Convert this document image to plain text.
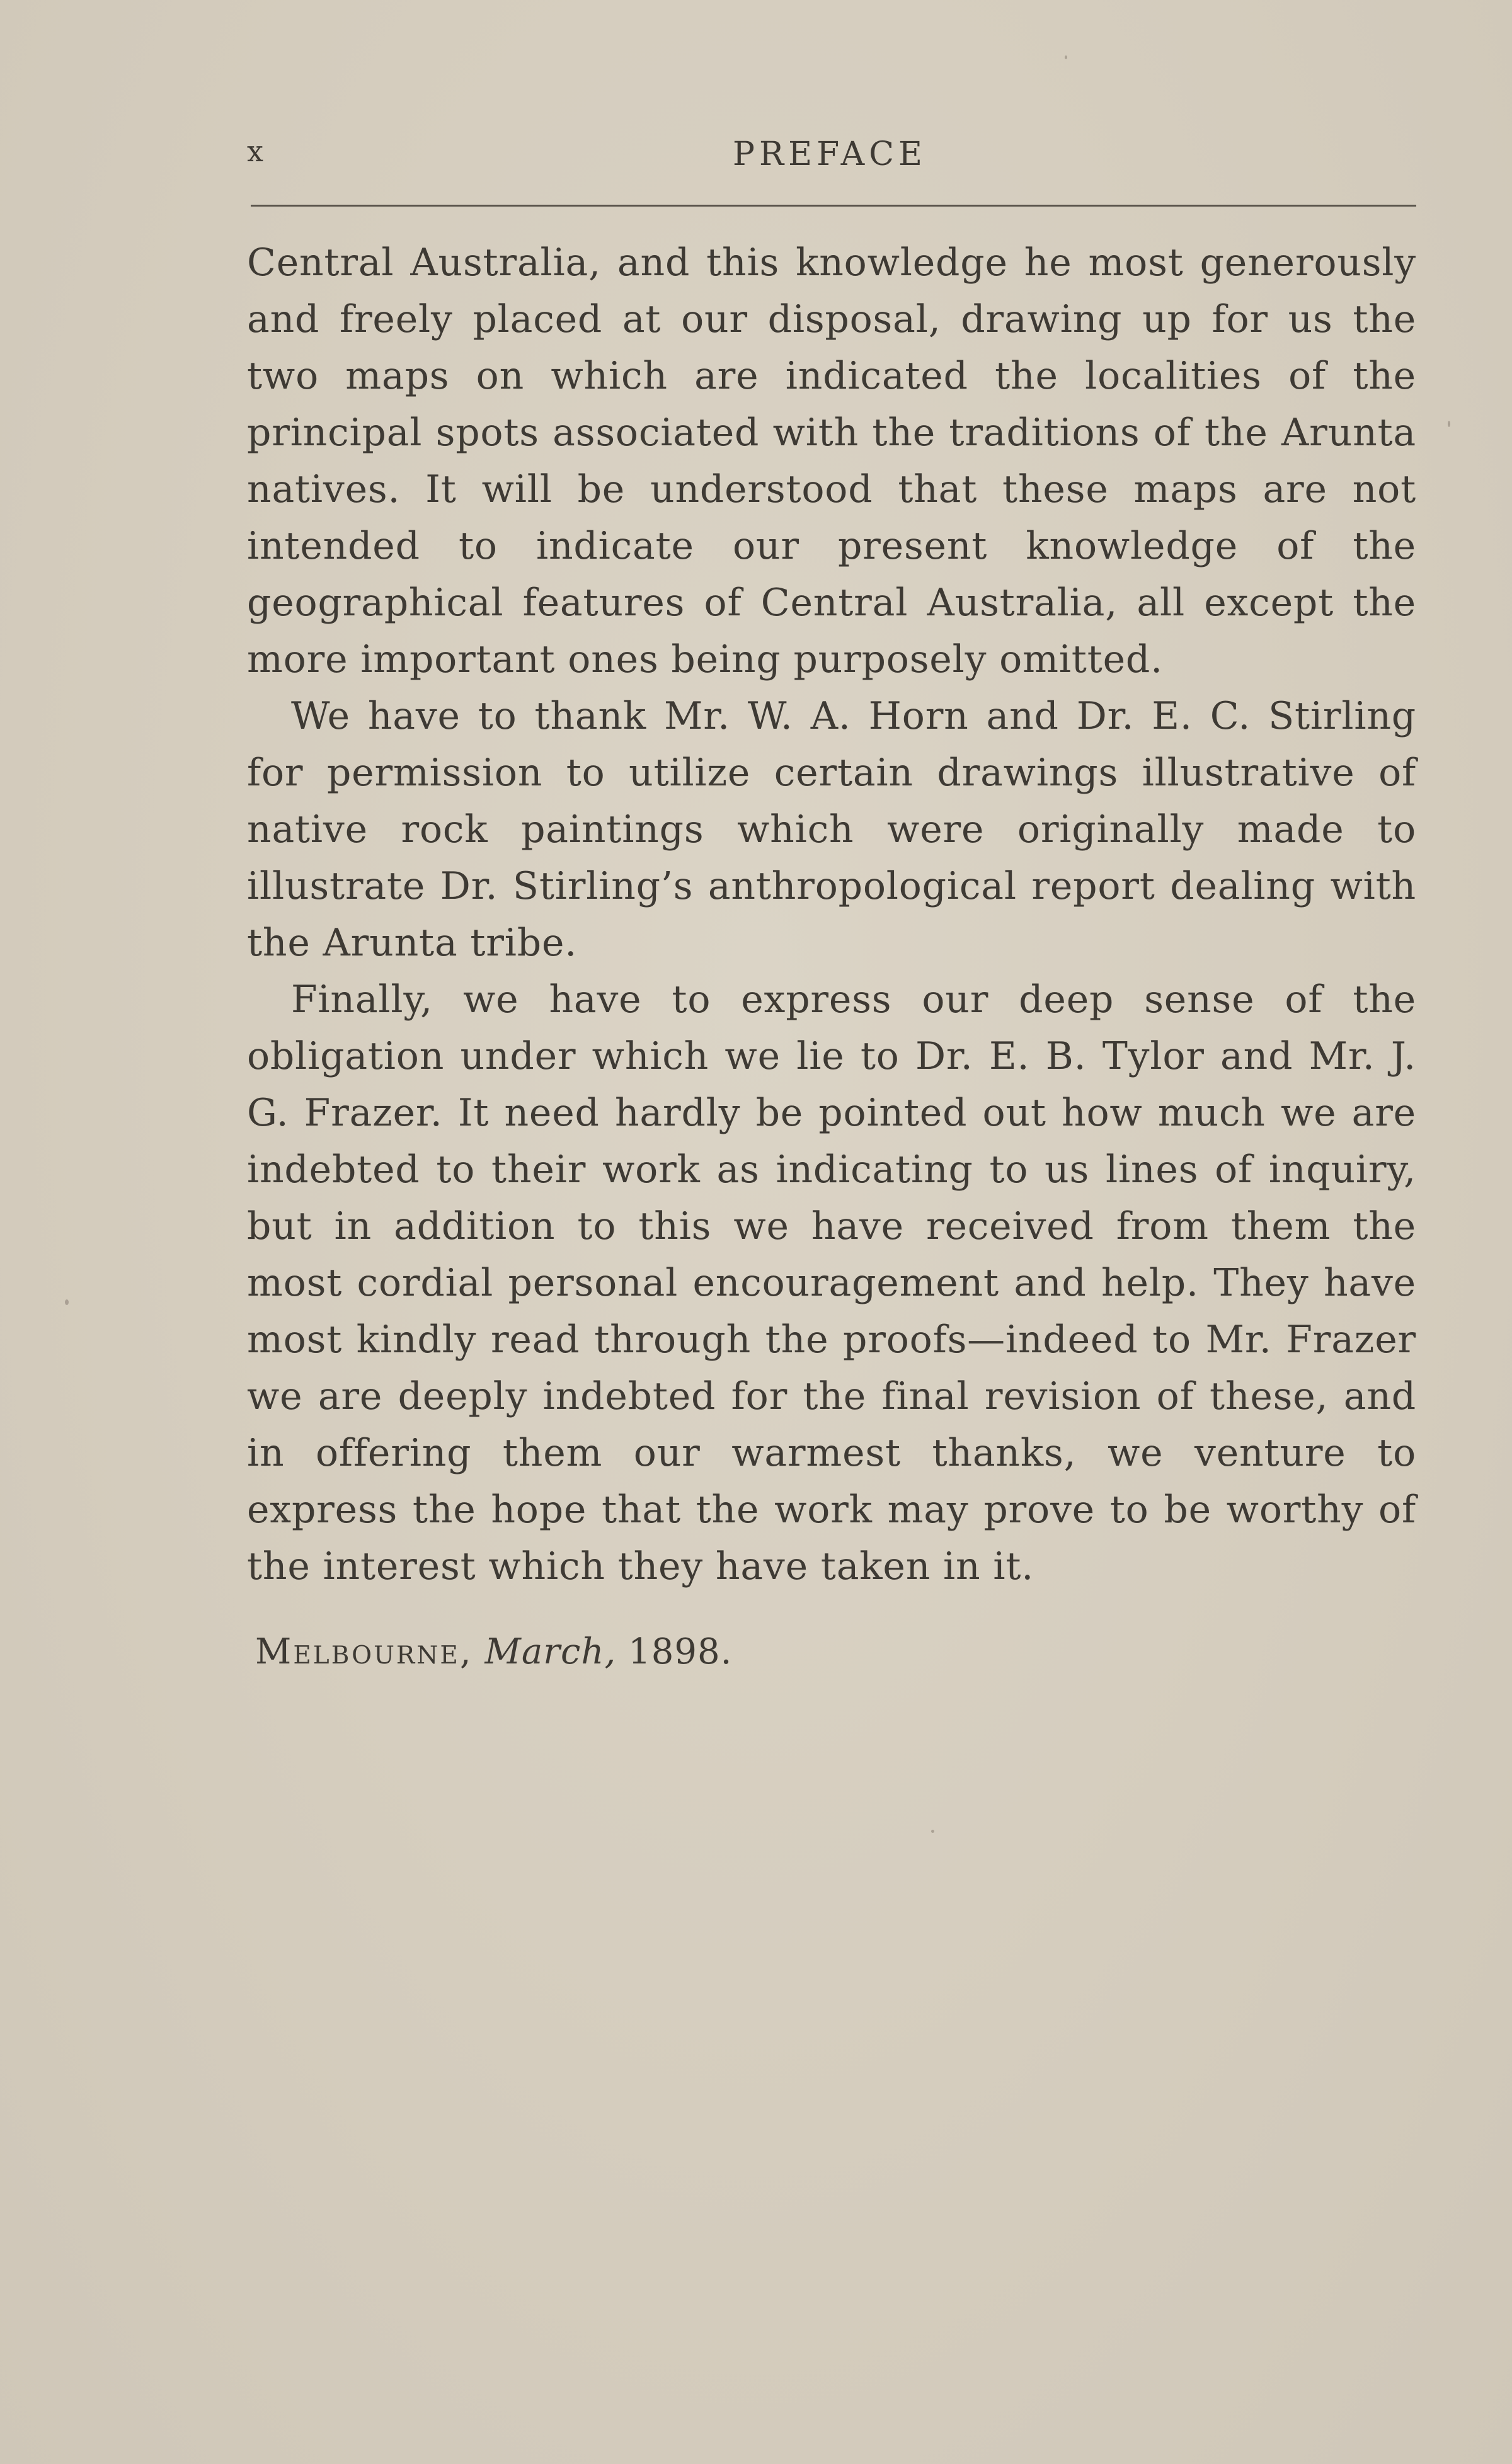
x	PREFACE

Central Australia, and this knowledge he most generously and freely placed at our disposal, drawing up for us the two maps on which are indicated the localities of the principal spots associated with the traditions of the Arunta natives. It will be understood that these maps are not intended to indicate our present knowledge of the geographical features of Central Australia, all except the more important ones being purposely omitted.

We have to thank Mr. W. A. Horn and Dr. E. C. Stirling for permission to utilize certain drawings illustrative of native rock paintings which were originally made to illustrate Dr. Stirling’s anthropological report dealing with the Arunta tribe.

Finally, we have to express our deep sense of the obligation under which we lie to Dr. E. B. Tylor and Mr. J. G. Frazer. It need hardly be pointed out how much we are indebted to their work as indicating to us lines of inquiry, but in addition to this we have received from them the most cordial personal encouragement and help. They have most kindly read through the proofs—indeed to Mr. Frazer we are deeply indebted for the final revision of these, and in offering them our warmest thanks, we venture to express the hope that the work may prove to be worthy of the interest which they have taken in it.

Melbourne, March, 1898.
